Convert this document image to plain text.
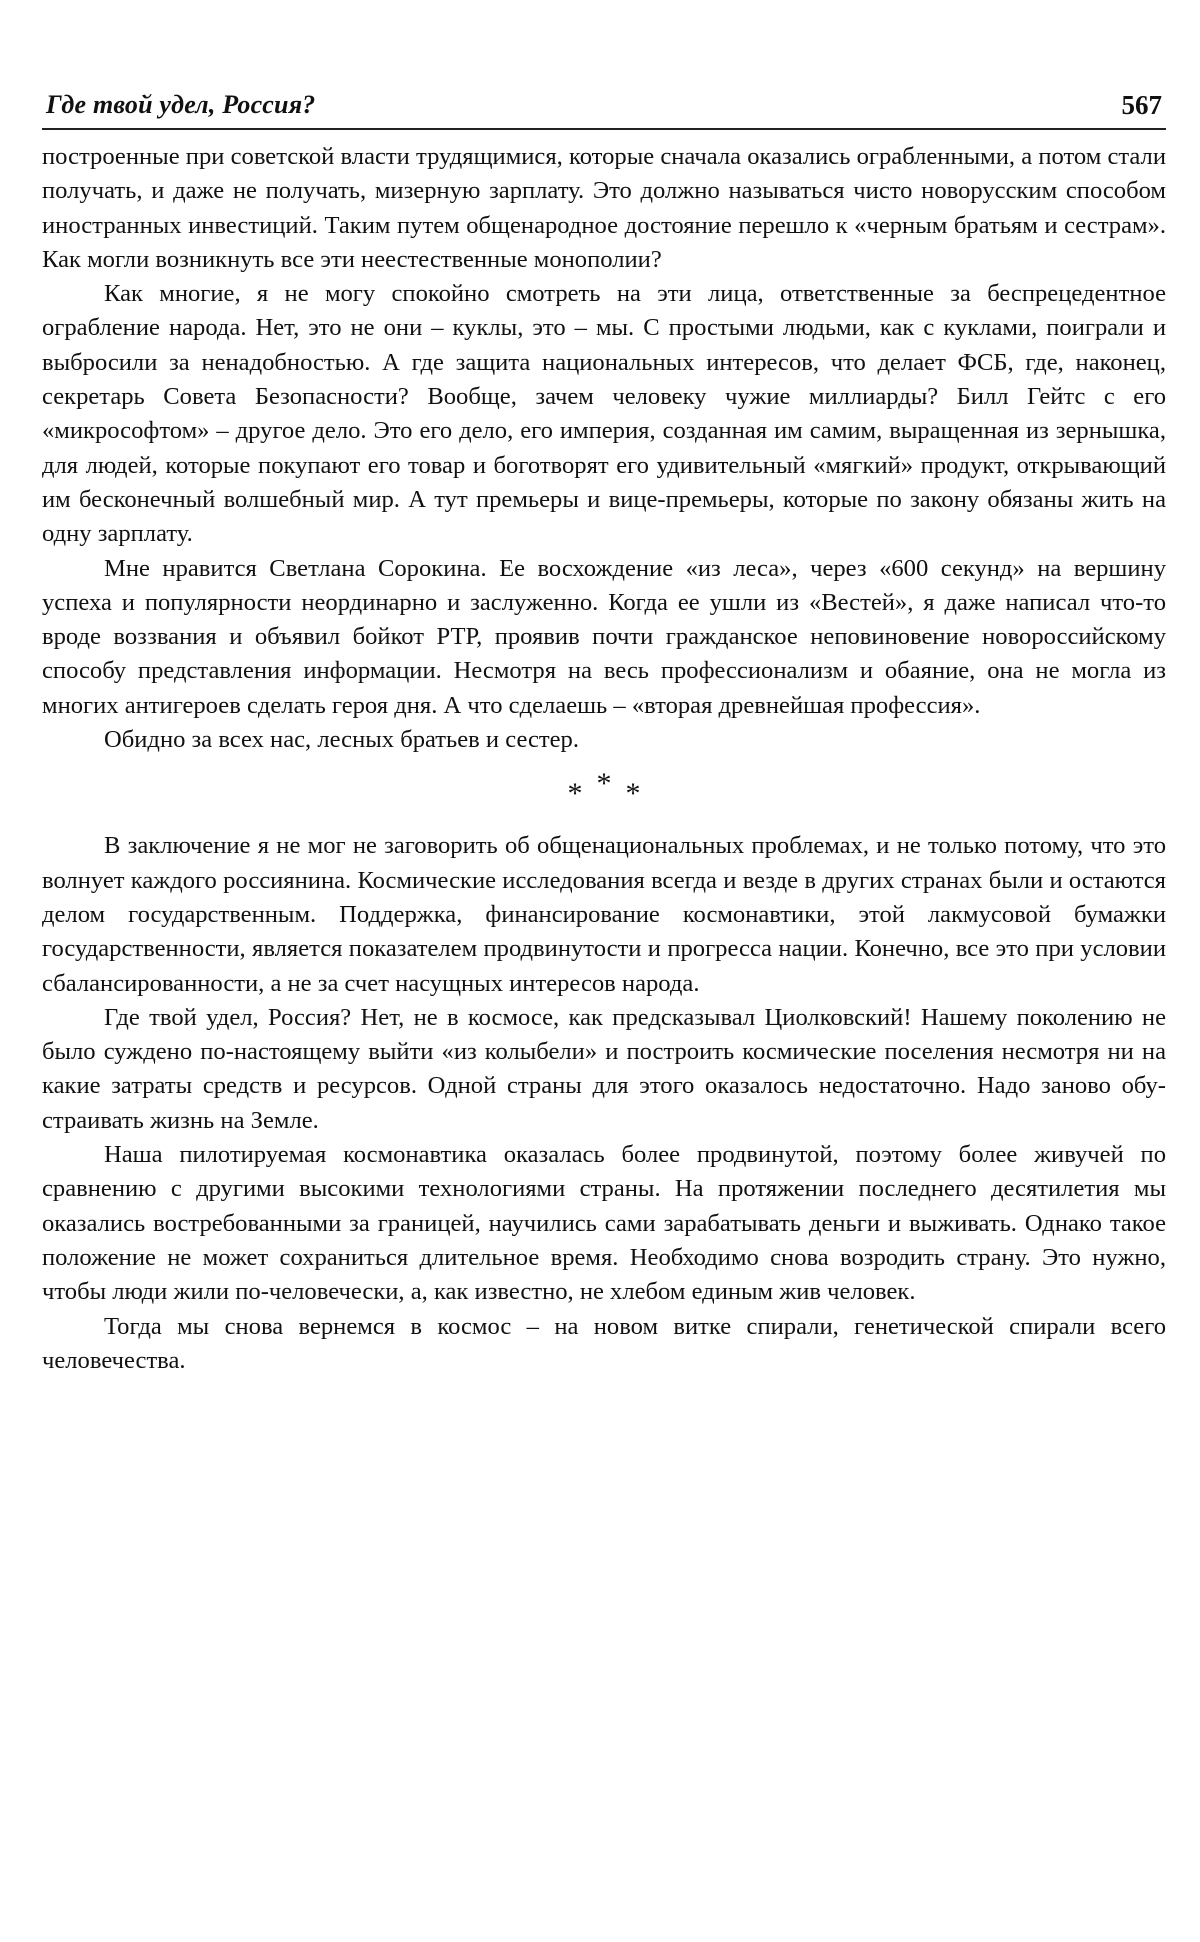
Где твой удел, Россия?	567

построенные при советской власти трудящимися, которые сначала оказались ограбленными, а потом стали получать, и даже не получать, мизерную зарплату. Это должно называться чисто новорусским способом иностранных инвестиций. Таким путем общенародное достояние перешло к «черным братьям и сестрам». Как могли возникнуть все эти неестественные монополии?

Как многие, я не могу спокойно смотреть на эти лица, ответственные за беспрецедентное ограбление народа. Нет, это не они – куклы, это – мы. С простыми людьми, как с куклами, поиграли и выбросили за ненадобностью. А где защита национальных интересов, что делает ФСБ, где, наконец, секретарь Совета Безопасности? Вообще, зачем человеку чужие миллиарды? Билл Гейтс с его «микрософтом» – другое дело. Это его дело, его империя, созданная им самим, выращенная из зернышка, для людей, которые покупают его товар и боготворят его удивительный «мягкий» продукт, открывающий им бесконечный волшебный мир. А тут премьеры и вице-премьеры, которые по закону обязаны жить на одну зарплату.

Мне нравится Светлана Сорокина. Ее восхождение «из леса», через «600 секунд» на вершину успеха и популярности неординарно и заслуженно. Когда ее ушли из «Вестей», я даже написал что-то вроде воззвания и объявил бойкот РТР, проявив почти гражданское неповиновение новороссийскому способу представления информации. Несмотря на весь профессионализм и обаяние, она не могла из многих антигероев сделать героя дня. А что сделаешь – «вторая древнейшая профессия».

Обидно за всех нас, лесных братьев и сестер.

***

В заключение я не мог не заговорить об общенациональных проблемах, и не только потому, что это волнует каждого россиянина. Космические исследования всегда и везде в других странах были и остаются делом государственным. Поддержка, финансирование космонавтики, этой лакмусовой бумажки государственности, является показателем продвинутости и прогресса нации. Конечно, все это при условии сбалансированности, а не за счет насущных интересов народа.

Где твой удел, Россия? Нет, не в космосе, как предсказывал Циолковский! Нашему поколению не было суждено по-настоящему выйти «из колыбели» и построить космические поселения несмотря ни на какие затраты средств и ресурсов. Одной страны для этого оказалось недостаточно. Надо заново обустраивать жизнь на Земле.

Наша пилотируемая космонавтика оказалась более продвинутой, поэтому более живучей по сравнению с другими высокими технологиями страны. На протяжении последнего десятилетия мы оказались востребованными за границей, научились сами зарабатывать деньги и выживать. Однако такое положение не может сохраниться длительное время. Необходимо снова возродить страну. Это нужно, чтобы люди жили по-человечески, а, как известно, не хлебом единым жив человек.

Тогда мы снова вернемся в космос – на новом витке спирали, генетической спирали всего человечества.
